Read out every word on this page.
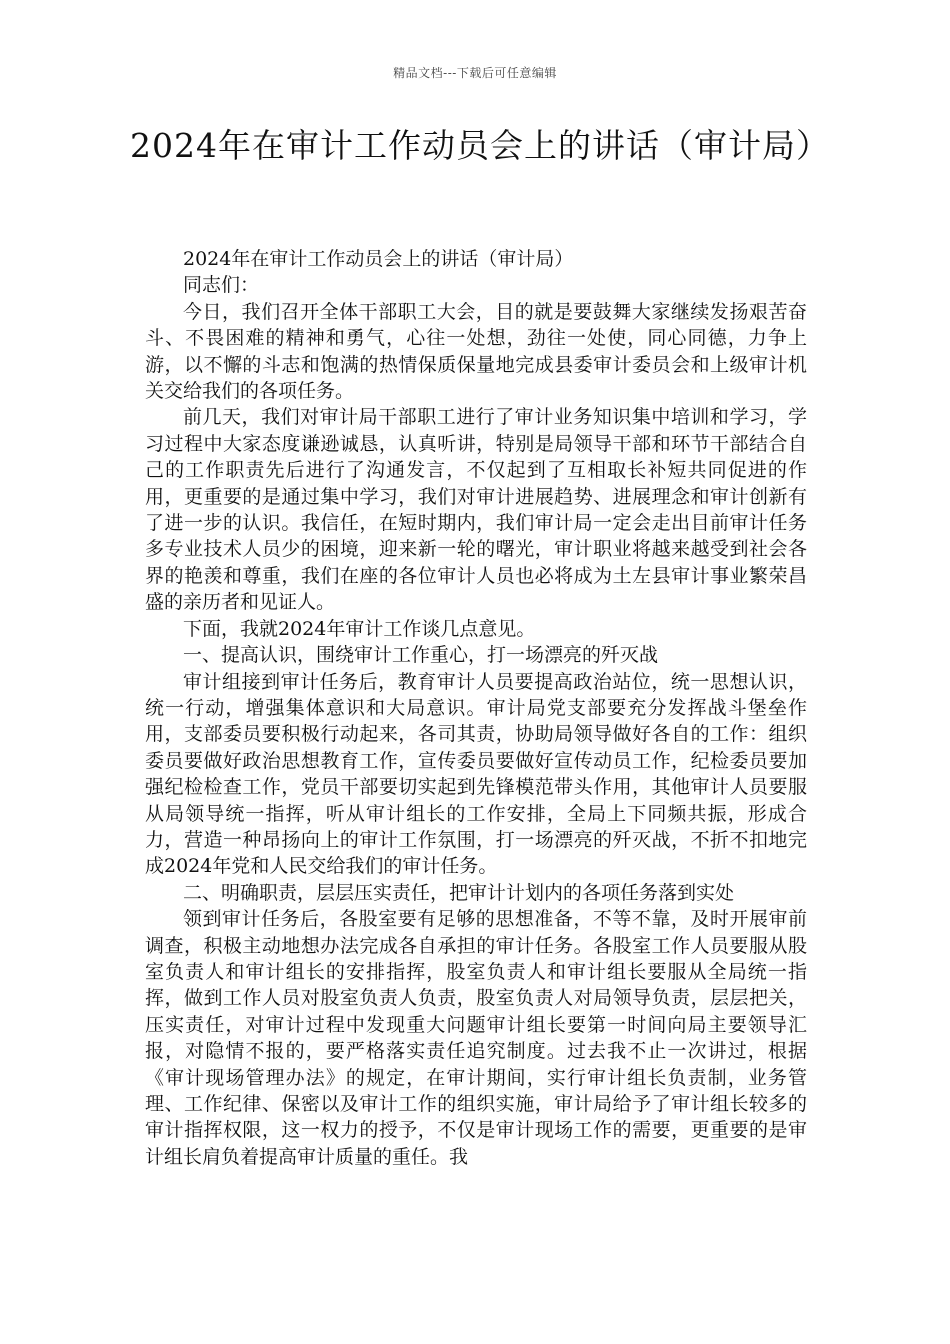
精品文档---下载后可任意编辑
2024年在审计工作动员会上的讲话（审计局）

2024年在审计工作动员会上的讲话（审计局）

同志们：

今日，我们召开全体干部职工大会，目的就是要鼓舞大家继续发扬艰苦奋斗、不畏困难的精神和勇气，心往一处想，劲往一处使，同心同德，力争上游，以不懈的斗志和饱满的热情保质保量地完成县委审计委员会和上级审计机关交给我们的各项任务。

前几天，我们对审计局干部职工进行了审计业务知识集中培训和学习，学习过程中大家态度谦逊诚恳，认真听讲，特别是局领导干部和环节干部结合自己的工作职责先后进行了沟通发言，不仅起到了互相取长补短共同促进的作用，更重要的是通过集中学习，我们对审计进展趋势、进展理念和审计创新有了进一步的认识。我信任，在短时期内，我们审计局一定会走出目前审计任务多专业技术人员少的困境，迎来新一轮的曙光，审计职业将越来越受到社会各界的艳羡和尊重，我们在座的各位审计人员也必将成为土左县审计事业繁荣昌盛的亲历者和见证人。

下面，我就2024年审计工作谈几点意见。

一、提高认识，围绕审计工作重心，打一场漂亮的歼灭战

审计组接到审计任务后，教育审计人员要提高政治站位，统一思想认识，统一行动，增强集体意识和大局意识。审计局党支部要充分发挥战斗堡垒作用，支部委员要积极行动起来，各司其责，协助局领导做好各自的工作：组织委员要做好政治思想教育工作，宣传委员要做好宣传动员工作，纪检委员要加强纪检检查工作，党员干部要切实起到先锋模范带头作用，其他审计人员要服从局领导统一指挥，听从审计组长的工作安排，全局上下同频共振，形成合力，营造一种昂扬向上的审计工作氛围，打一场漂亮的歼灭战，不折不扣地完成2024年党和人民交给我们的审计任务。

二、明确职责，层层压实责任，把审计计划内的各项任务落到实处

领到审计任务后，各股室要有足够的思想准备，不等不靠，及时开展审前调查，积极主动地想办法完成各自承担的审计任务。各股室工作人员要服从股室负责人和审计组长的安排指挥，股室负责人和审计组长要服从全局统一指挥，做到工作人员对股室负责人负责，股室负责人对局领导负责，层层把关，压实责任，对审计过程中发现重大问题审计组长要第一时间向局主要领导汇报，对隐情不报的，要严格落实责任追究制度。过去我不止一次讲过，根据《审计现场管理办法》的规定，在审计期间，实行审计组长负责制，业务管理、工作纪律、保密以及审计工作的组织实施，审计局给予了审计组长较多的审计指挥权限，这一权力的授予，不仅是审计现场工作的需要，更重要的是审计组长肩负着提高审计质量的重任。我
